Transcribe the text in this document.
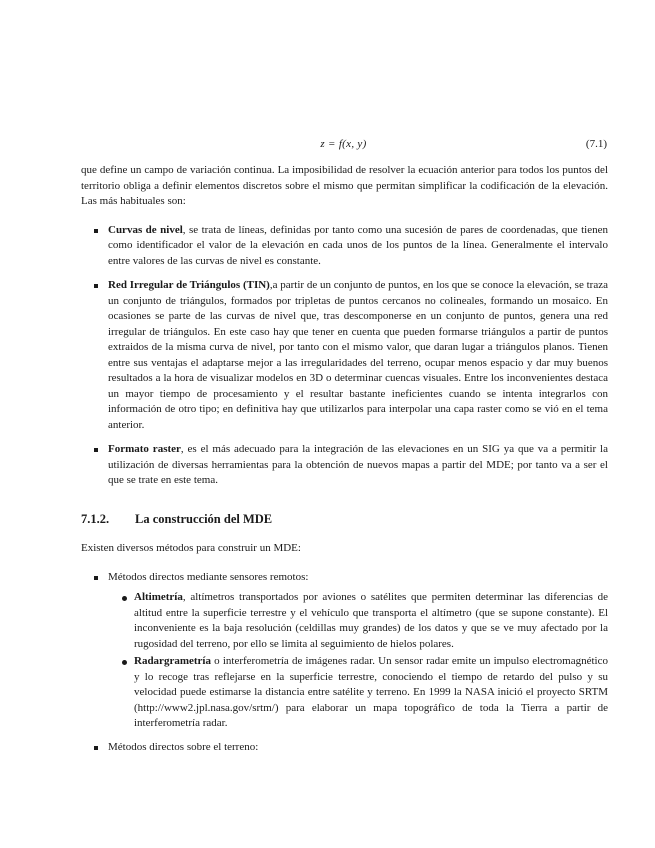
z = f(x, y)	(7.1)

que define un campo de variación continua. La imposibilidad de resolver la ecuación anterior para todos los puntos del territorio obliga a definir elementos discretos sobre el mismo que permitan simplificar la codificación de la elevación. Las más habituales son:

Curvas de nivel, se trata de líneas, definidas por tanto como una sucesión de pares de coordenadas, que tienen como identificador el valor de la elevación en cada unos de los puntos de la línea. Generalmente el intervalo entre valores de las curvas de nivel es constante.
Red Irregular de Triángulos (TIN),a partir de un conjunto de puntos, en los que se conoce la elevación, se traza un conjunto de triángulos, formados por tripletas de puntos cercanos no colineales, formando un mosaico. En ocasiones se parte de las curvas de nivel que, tras descomponerse en un conjunto de puntos, genera una red irregular de triángulos. En este caso hay que tener en cuenta que pueden formarse triángulos a partir de puntos extraidos de la misma curva de nivel, por tanto con el mismo valor, que daran lugar a triángulos planos. Tienen entre sus ventajas el adaptarse mejor a las irregularidades del terreno, ocupar menos espacio y dar muy buenos resultados a la hora de visualizar modelos en 3D o determinar cuencas visuales. Entre los inconvenientes destaca un mayor tiempo de procesamiento y el resultar bastante ineficientes cuando se intenta integrarlos con información de otro tipo; en definitiva hay que utilizarlos para interpolar una capa raster como se vió en el tema anterior.
Formato raster, es el más adecuado para la integración de las elevaciones en un SIG ya que va a permitir la utilización de diversas herramientas para la obtención de nuevos mapas a partir del MDE; por tanto va a ser el que se trate en este tema.
7.1.2.	La construcción del MDE

Existen diversos métodos para construir un MDE:

Métodos directos mediante sensores remotos:
Altimetría, altímetros transportados por aviones o satélites que permiten determinar las diferencias de altitud entre la superficie terrestre y el vehículo que transporta el altímetro (que se supone constante). El inconveniente es la baja resolución (celdillas muy grandes) de los datos y que se ve muy afectado por la rugosidad del terreno, por ello se limita al seguimiento de hielos polares.
Radargrametría o interferometría de imágenes radar. Un sensor radar emite un impulso electromagnético y lo recoge tras reflejarse en la superficie terrestre, conociendo el tiempo de retardo del pulso y su velocidad puede estimarse la distancia entre satélite y terreno. En 1999 la NASA inició el proyecto SRTM (http://www2.jpl.nasa.gov/srtm/) para elaborar un mapa topográfico de toda la Tierra a partir de interferometría radar.
Métodos directos sobre el terreno:
